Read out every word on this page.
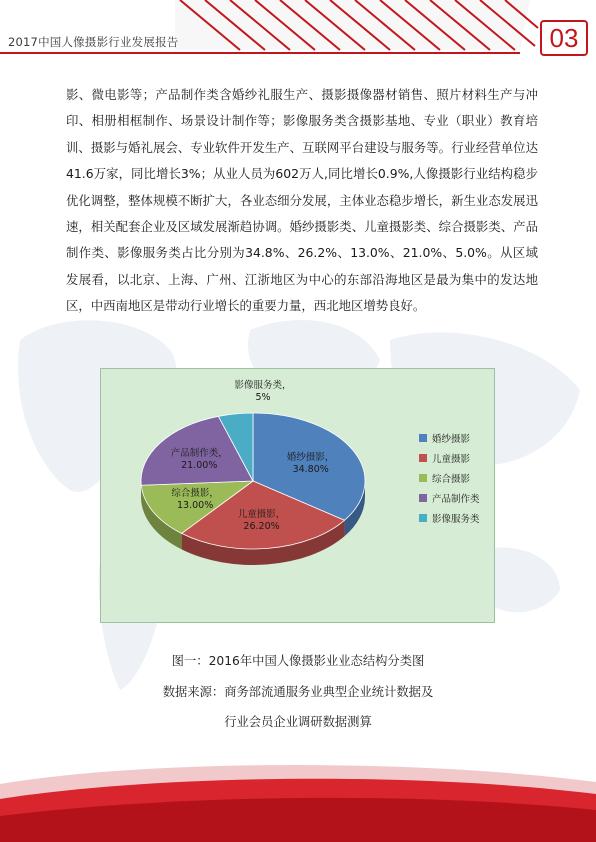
2017中国人像摄影行业发展报告	03
影、微电影等；产品制作类含婚纱礼服生产、摄影摄像器材销售、照片材料生产与冲印、相册相框制作、场景设计制作等；影像服务类含摄影基地、专业（职业）教育培训、摄影与婚礼展会、专业软件开发生产、互联网平台建设与服务等。行业经营单位达41.6万家，同比增长3%；从业人员为602万人,同比增长0.9%,人像摄影行业结构稳步优化调整，整体规模不断扩大，各业态细分发展，主体业态稳步增长，新生业态发展迅速，相关配套企业及区域发展渐趋协调。婚纱摄影类、儿童摄影类、综合摄影类、产品制作类、影像服务类占比分别为34.8%、26.2%、13.0%、21.0%、5.0%。从区域发展看，以北京、上海、广州、江浙地区为中心的东部沿海地区是最为集中的发达地区，中西南地区是带动行业增长的重要力量，西北地区增势良好。
婚纱摄影，
34.80%
儿童摄影，
26.20%
综合摄影，
13.00%
产品制作类，
21.00%
影像服务类，
5%
婚纱摄影
儿童摄影
综合摄影
产品制作类
影像服务类
图一：2016年中国人像摄影业业态结构分类图
数据来源：商务部流通服务业典型企业统计数据及
行业会员企业调研数据测算
